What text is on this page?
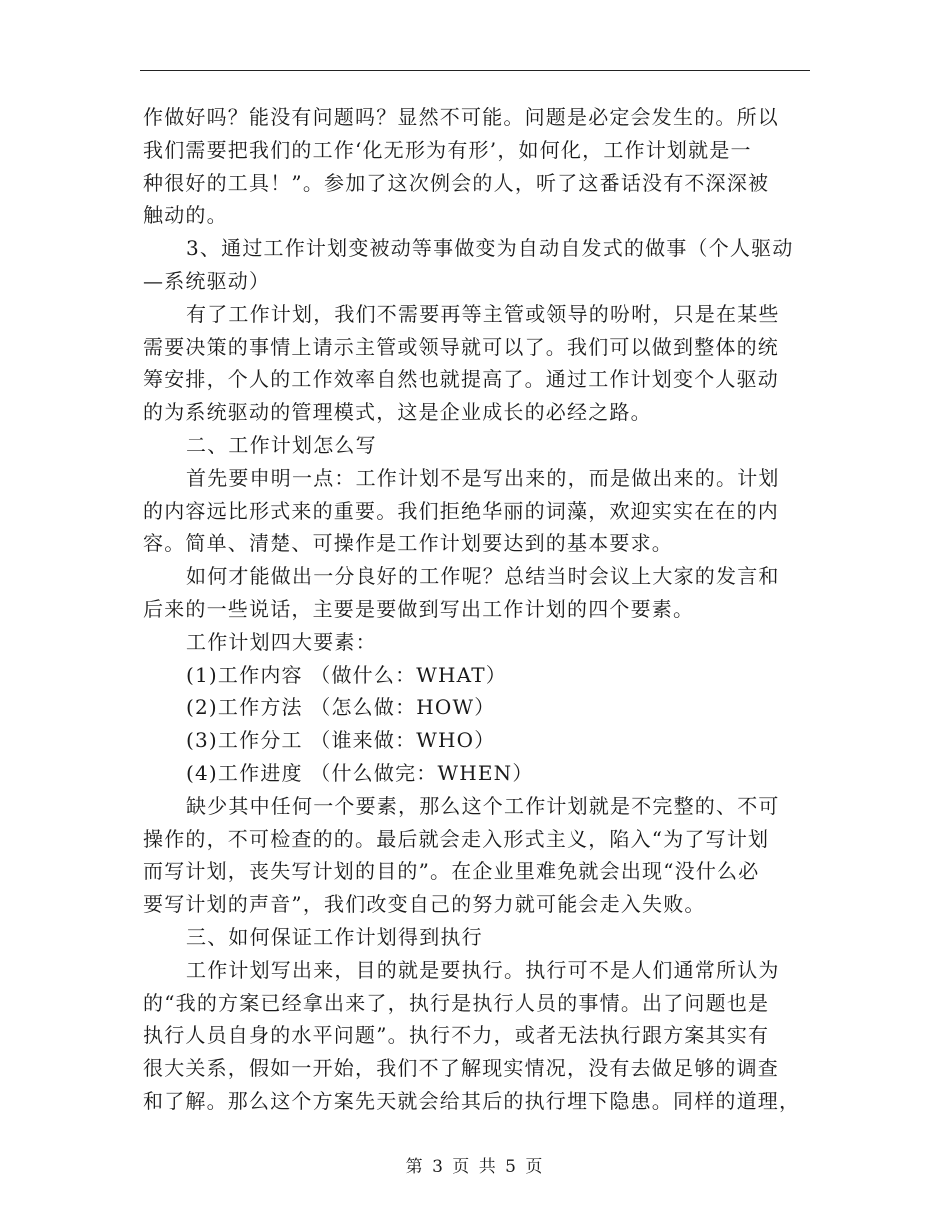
作做好吗？能没有问题吗？显然不可能。问题是必定会发生的。所以
我们需要把我们的工作‘化无形为有形’，如何化，工作计划就是一
种很好的工具！”。参加了这次例会的人，听了这番话没有不深深被
触动的。
3、通过工作计划变被动等事做变为自动自发式的做事（个人驱动
—系统驱动）
有了工作计划，我们不需要再等主管或领导的吩咐，只是在某些
需要决策的事情上请示主管或领导就可以了。我们可以做到整体的统
筹安排，个人的工作效率自然也就提高了。通过工作计划变个人驱动
的为系统驱动的管理模式，这是企业成长的必经之路。
二、工作计划怎么写
首先要申明一点：工作计划不是写出来的，而是做出来的。计划
的内容远比形式来的重要。我们拒绝华丽的词藻，欢迎实实在在的内
容。简单、清楚、可操作是工作计划要达到的基本要求。
如何才能做出一分良好的工作呢？总结当时会议上大家的发言和
后来的一些说话，主要是要做到写出工作计划的四个要素。
工作计划四大要素：
(1)工作内容 （做什么：WHAT）
(2)工作方法 （怎么做：HOW）
(3)工作分工 （谁来做：WHO）
(4)工作进度 （什么做完：WHEN）
缺少其中任何一个要素，那么这个工作计划就是不完整的、不可
操作的，不可检查的的。最后就会走入形式主义，陷入“为了写计划
而写计划，丧失写计划的目的”。在企业里难免就会出现“没什么必
要写计划的声音”，我们改变自己的努力就可能会走入失败。
三、如何保证工作计划得到执行
工作计划写出来，目的就是要执行。执行可不是人们通常所认为
的“我的方案已经拿出来了，执行是执行人员的事情。出了问题也是
执行人员自身的水平问题”。执行不力，或者无法执行跟方案其实有
很大关系，假如一开始，我们不了解现实情况，没有去做足够的调查
和了解。那么这个方案先天就会给其后的执行埋下隐患。同样的道理，
第 3 页 共 5 页
